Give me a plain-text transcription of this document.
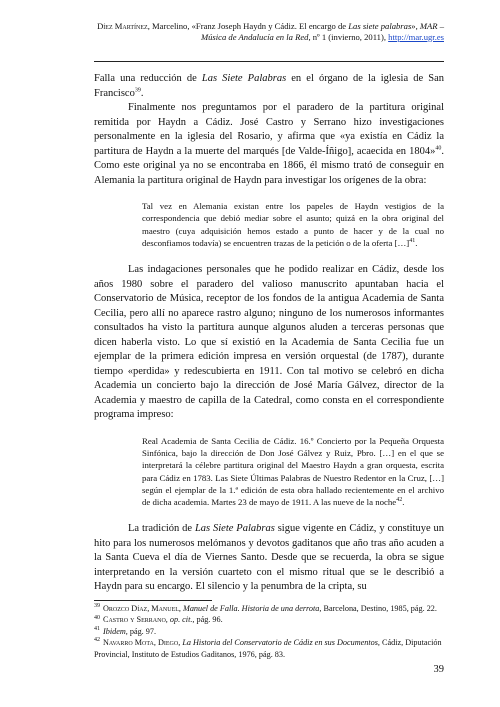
Díez Martínez, Marcelino, «Franz Joseph Haydn y Cádiz. El encargo de Las siete palabras», MAR – Música de Andalucía en la Red, nº 1 (invierno, 2011), http://mar.ugr.es

Falla una reducción de Las Siete Palabras en el órgano de la iglesia de San Francisco$^{39}$.

Finalmente nos preguntamos por el paradero de la partitura original remitida por Haydn a Cádiz. José Castro y Serrano hizo investigaciones personalmente en la iglesia del Rosario, y afirma que «ya existía en Cádiz la partitura de Haydn a la muerte del marqués [de Valde-Íñigo], acaecida en 1804»$^{40}$. Como este original ya no se encontraba en 1866, él mismo trató de conseguir en Alemania la partitura original de Haydn para investigar los orígenes de la obra:

Tal vez en Alemania existan entre los papeles de Haydn vestigios de la correspondencia que debió mediar sobre el asunto; quizá en la obra original del maestro (cuya adquisición hemos estado a punto de hacer y de la cual no desconfiamos todavía) se encuentren trazas de la petición o de la oferta […]$^{41}$.

Las indagaciones personales que he podido realizar en Cádiz, desde los años 1980 sobre el paradero del valioso manuscrito apuntaban hacia el Conservatorio de Música, receptor de los fondos de la antigua Academia de Santa Cecilia, pero allí no aparece rastro alguno; ninguno de los numerosos informantes consultados ha visto la partitura aunque algunos aluden a terceras personas que dicen haberla visto. Lo que sí existió en la Academia de Santa Cecilia fue un ejemplar de la primera edición impresa en versión orquestal (de 1787), durante tiempo «perdida» y redescubierta en 1911. Con tal motivo se celebró en dicha Academia un concierto bajo la dirección de José María Gálvez, director de la Academia y maestro de capilla de la Catedral, como consta en el correspondiente programa impreso:

Real Academia de Santa Cecilia de Cádiz. 16.º Concierto por la Pequeña Orquesta Sinfónica, bajo la dirección de Don José Gálvez y Ruiz, Pbro. […] en el que se interpretará la célebre partitura original del Maestro Haydn a gran orquesta, escrita para Cádiz en 1783. Las Siete Últimas Palabras de Nuestro Redentor en la Cruz, […] según el ejemplar de la 1.ª edición de esta obra hallado recientemente en el archivo de dicha academia. Martes 23 de mayo de 1911. A las nueve de la noche$^{42}$.

La tradición de Las Siete Palabras sigue vigente en Cádiz, y constituye un hito para los numerosos melómanos y devotos gaditanos que año tras año acuden a la Santa Cueva el día de Viernes Santo. Desde que se recuerda, la obra se sigue interpretando en la versión cuarteto con el mismo ritual que se le describió a Haydn para su encargo. El silencio y la penumbra de la cripta, su

$^{39}$ Orozco Díaz, Manuel, Manuel de Falla. Historia de una derrota, Barcelona, Destino, 1985, pág. 22.

$^{40}$ Castro y Serrano, op. cit., pág. 96.

$^{41}$ Ibidem, pág. 97.

$^{42}$ Navarro Mota, Diego, La Historia del Conservatorio de Cádiz en sus Documentos, Cádiz, Diputación Provincial, Instituto de Estudios Gaditanos, 1976, pág. 83.

39
